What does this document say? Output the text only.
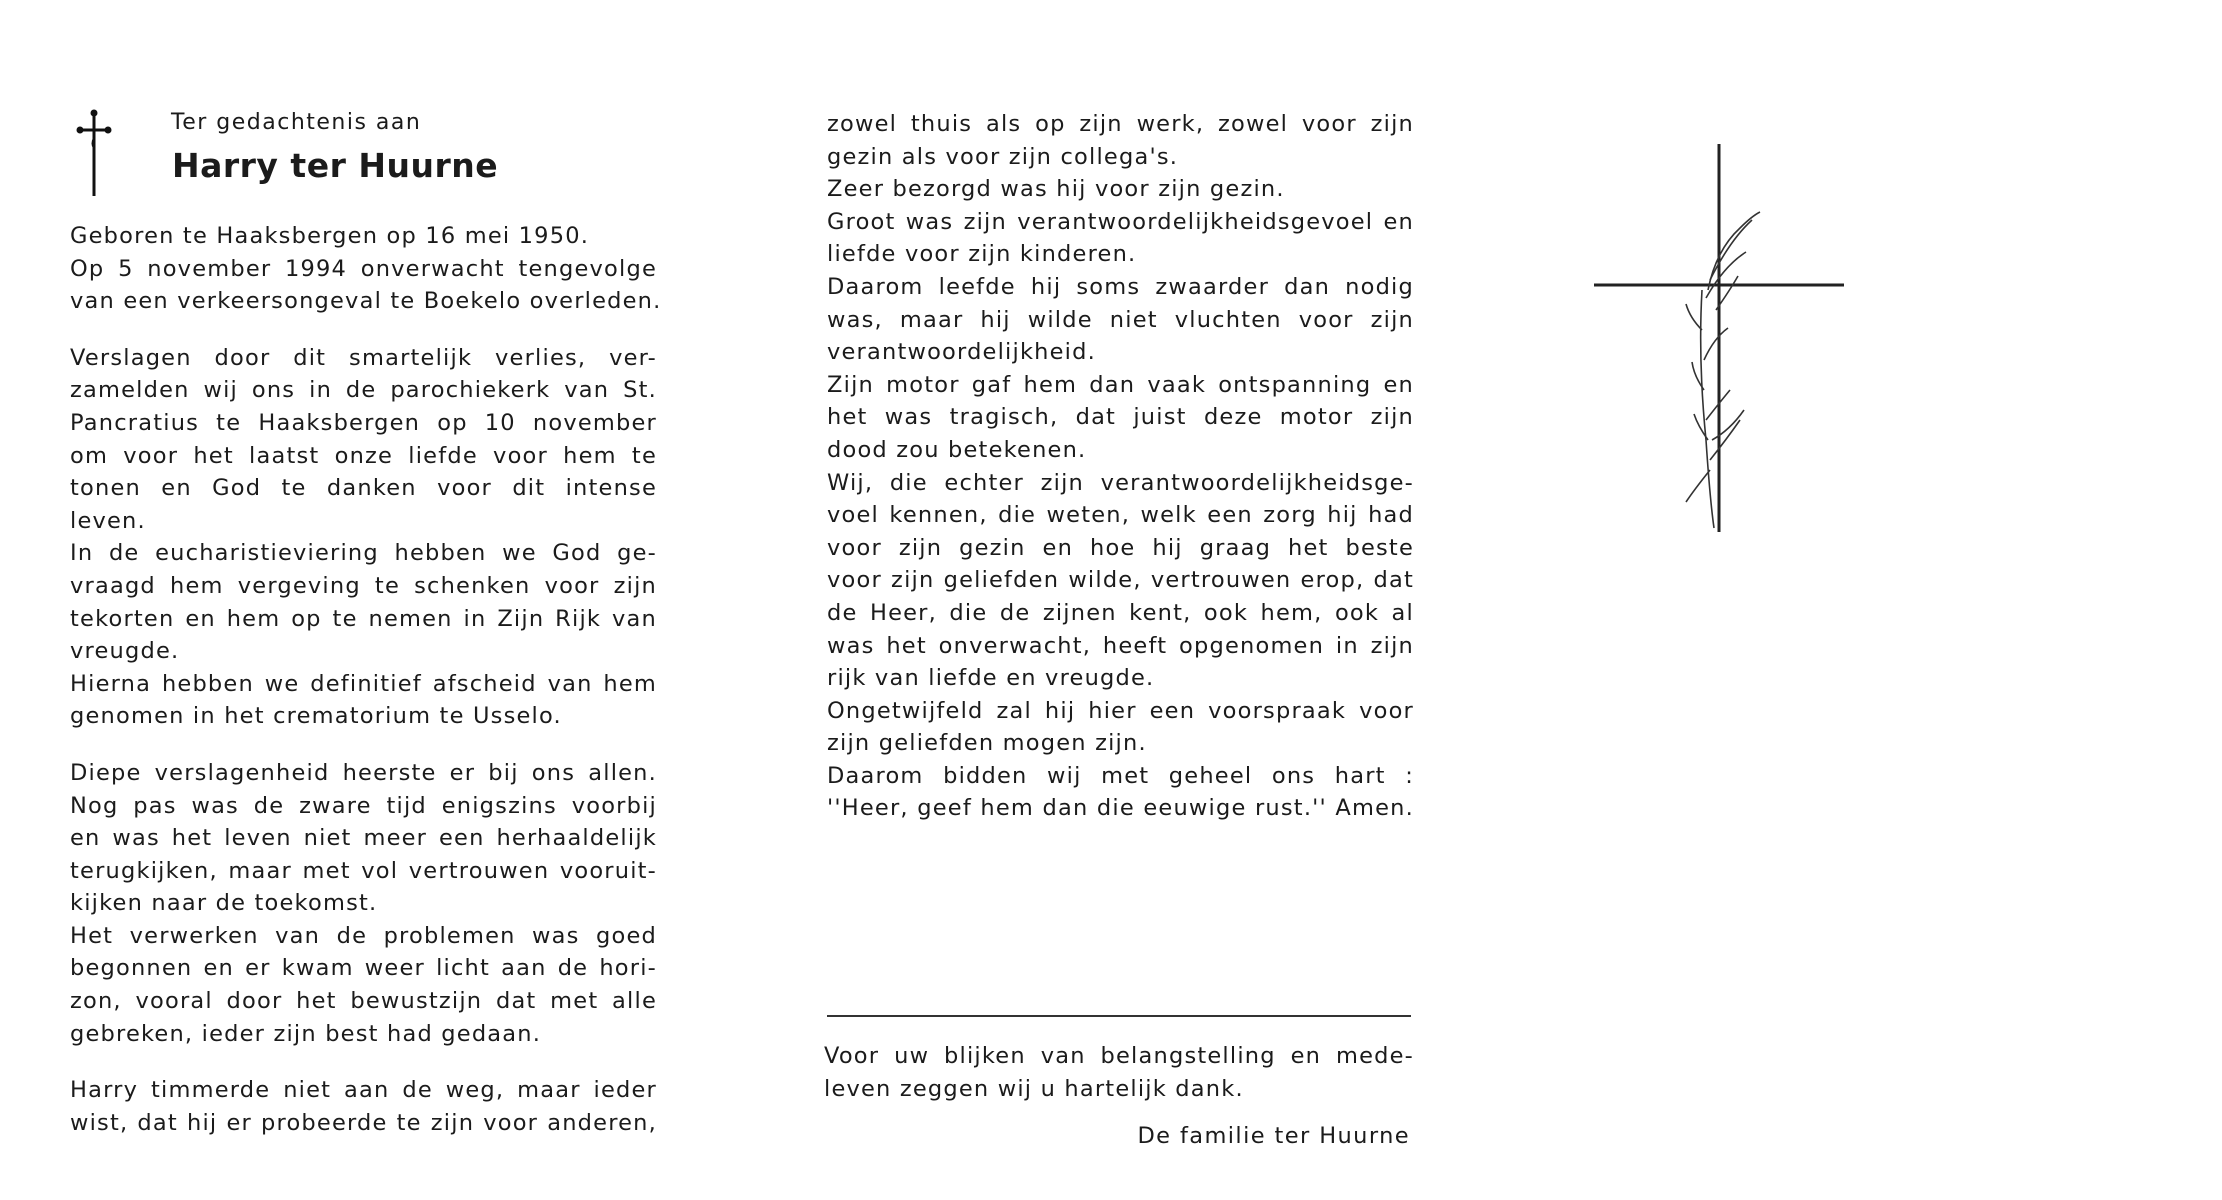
Ter gedachtenis aan
Harry ter Huurne

Geboren te Haaksbergen op 16 mei 1950.
Op 5 november 1994 onverwacht tengevolge
van een verkeersongeval te Boekelo overleden.

Verslagen door dit smartelijk verlies, ver-
zamelden wij ons in de parochiekerk van St.
Pancratius te Haaksbergen op 10 november
om voor het laatst onze liefde voor hem te
tonen en God te danken voor dit intense
leven.
In de eucharistieviering hebben we God ge-
vraagd hem vergeving te schenken voor zijn
tekorten en hem op te nemen in Zijn Rijk van
vreugde.
Hierna hebben we definitief afscheid van hem
genomen in het crematorium te Usselo.

Diepe verslagenheid heerste er bij ons allen.
Nog pas was de zware tijd enigszins voorbij
en was het leven niet meer een herhaaldelijk
terugkijken, maar met vol vertrouwen vooruit-
kijken naar de toekomst.
Het verwerken van de problemen was goed
begonnen en er kwam weer licht aan de hori-
zon, vooral door het bewustzijn dat met alle
gebreken, ieder zijn best had gedaan.

Harry timmerde niet aan de weg, maar ieder
wist, dat hij er probeerde te zijn voor anderen,

zowel thuis als op zijn werk, zowel voor zijn
gezin als voor zijn collega's.
Zeer bezorgd was hij voor zijn gezin.
Groot was zijn verantwoordelijkheidsgevoel en
liefde voor zijn kinderen.
Daarom leefde hij soms zwaarder dan nodig
was, maar hij wilde niet vluchten voor zijn
verantwoordelijkheid.
Zijn motor gaf hem dan vaak ontspanning en
het was tragisch, dat juist deze motor zijn
dood zou betekenen.
Wij, die echter zijn verantwoordelijkheidsge-
voel kennen, die weten, welk een zorg hij had
voor zijn gezin en hoe hij graag het beste
voor zijn geliefden wilde, vertrouwen erop, dat
de Heer, die de zijnen kent, ook hem, ook al
was het onverwacht, heeft opgenomen in zijn
rijk van liefde en vreugde.
Ongetwijfeld zal hij hier een voorspraak voor
zijn geliefden mogen zijn.
Daarom bidden wij met geheel ons hart :
''Heer, geef hem dan die eeuwige rust.'' Amen.

Voor uw blijken van belangstelling en mede-
leven zeggen wij u hartelijk dank.
De familie ter Huurne
